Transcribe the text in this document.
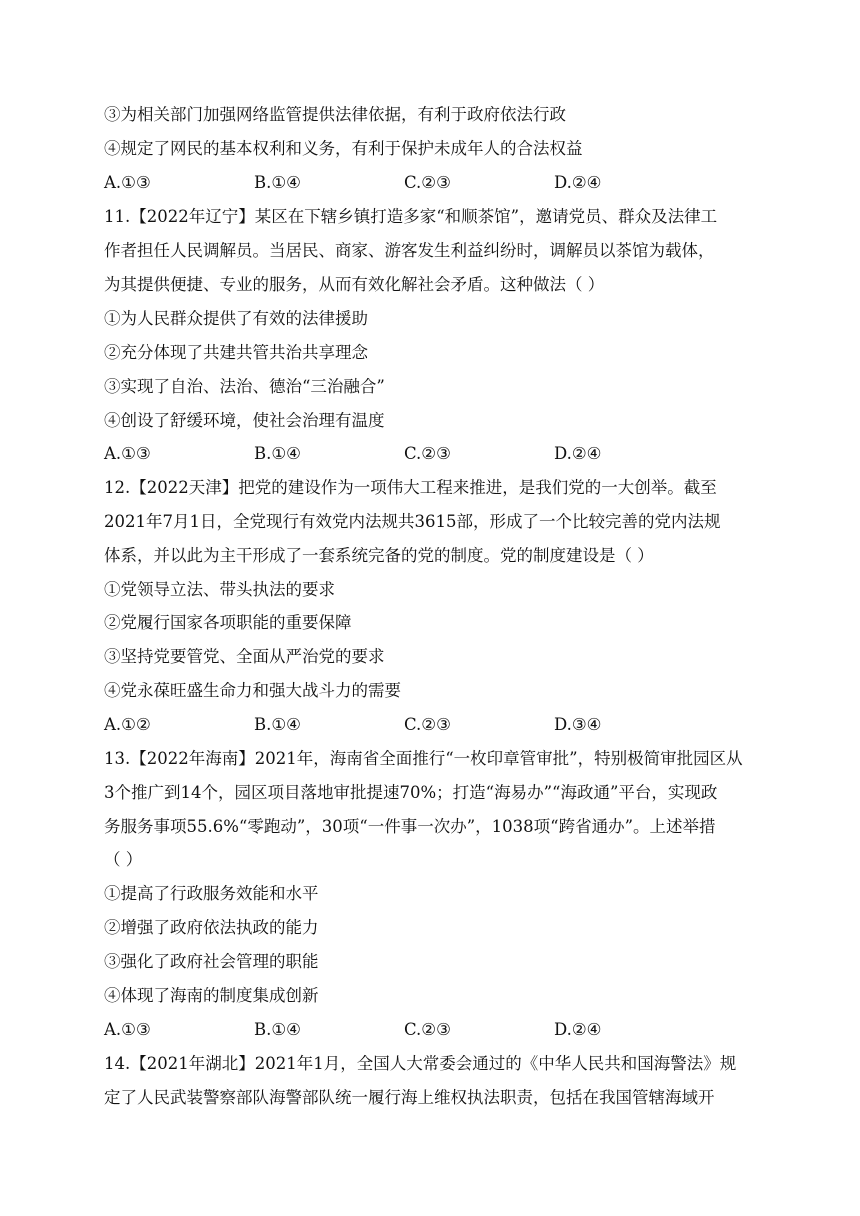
③为相关部门加强网络监管提供法律依据，有利于政府依法行政
④规定了网民的基本权利和义务，有利于保护未成年人的合法权益
A.①③	B.①④	C.②③	D.②④
11.【2022年辽宁】某区在下辖乡镇打造多家“和顺茶馆”，邀请党员、群众及法律工
作者担任人民调解员。当居民、商家、游客发生利益纠纷时，调解员以茶馆为载体，
为其提供便捷、专业的服务，从而有效化解社会矛盾。这种做法（ ）
①为人民群众提供了有效的法律援助
②充分体现了共建共管共治共享理念
③实现了自治、法治、德治“三治融合”
④创设了舒缓环境，使社会治理有温度
A.①③	B.①④	C.②③	D.②④
12.【2022天津】把党的建设作为一项伟大工程来推进，是我们党的一大创举。截至
2021年7月1日，全党现行有效党内法规共3615部，形成了一个比较完善的党内法规
体系，并以此为主干形成了一套系统完备的党的制度。党的制度建设是（ ）
①党领导立法、带头执法的要求
②党履行国家各项职能的重要保障
③坚持党要管党、全面从严治党的要求
④党永葆旺盛生命力和强大战斗力的需要
A.①②	B.①④	C.②③	D.③④
13.【2022年海南】2021年，海南省全面推行“一枚印章管审批”，特别极简审批园区从
3个推广到14个，园区项目落地审批提速70%；打造“海易办”“海政通”平台，实现政
务服务事项55.6%“零跑动”，30项“一件事一次办”，1038项“跨省通办”。上述举措
（ ）
①提高了行政服务效能和水平
②增强了政府依法执政的能力
③强化了政府社会管理的职能
④体现了海南的制度集成创新
A.①③	B.①④	C.②③	D.②④
14.【2021年湖北】2021年1月，全国人大常委会通过的《中华人民共和国海警法》规
定了人民武装警察部队海警部队统一履行海上维权执法职责，包括在我国管辖海域开
